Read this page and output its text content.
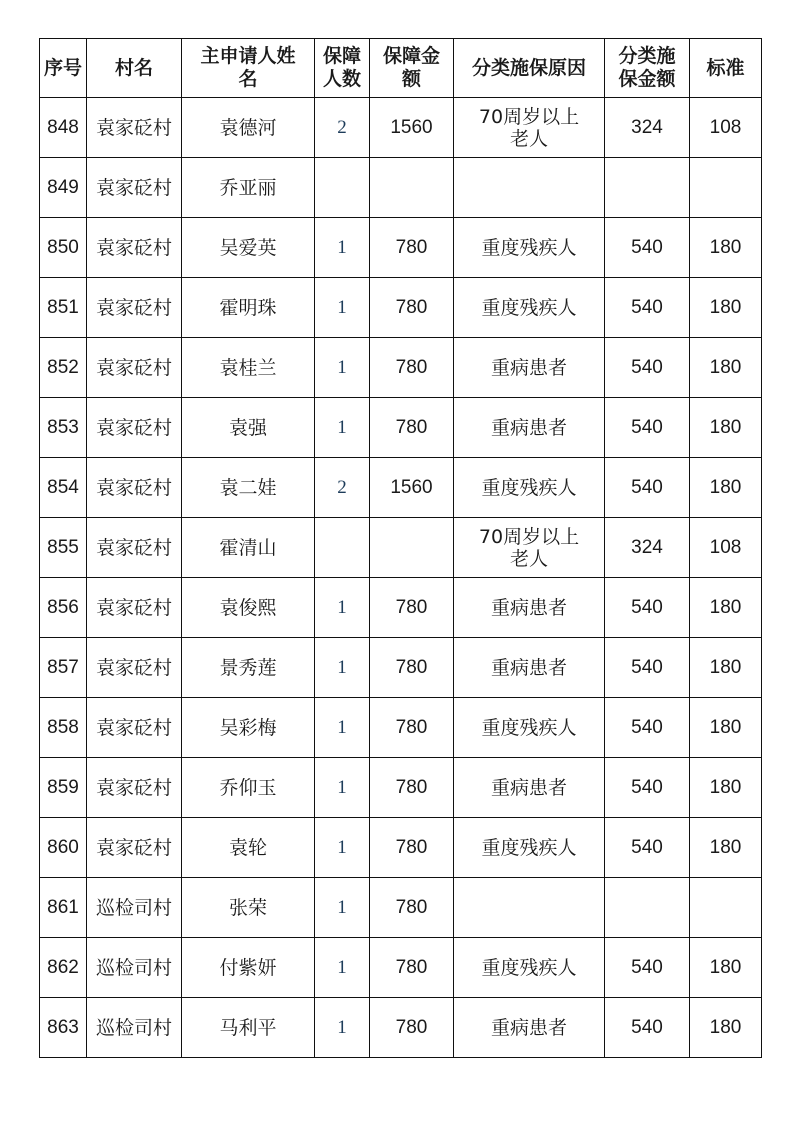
序号	村名	主申请人姓名	保障人数	保障金额	分类施保原因	分类施保金额	标准
848	袁家砭村	袁德河	2	1560	70周岁以上老人	324	108
849	袁家砭村	乔亚丽					
850	袁家砭村	吴爱英	1	780	重度残疾人	540	180
851	袁家砭村	霍明珠	1	780	重度残疾人	540	180
852	袁家砭村	袁桂兰	1	780	重病患者	540	180
853	袁家砭村	袁强	1	780	重病患者	540	180
854	袁家砭村	袁二娃	2	1560	重度残疾人	540	180
855	袁家砭村	霍清山			70周岁以上老人	324	108
856	袁家砭村	袁俊熙	1	780	重病患者	540	180
857	袁家砭村	景秀莲	1	780	重病患者	540	180
858	袁家砭村	吴彩梅	1	780	重度残疾人	540	180
859	袁家砭村	乔仰玉	1	780	重病患者	540	180
860	袁家砭村	袁轮	1	780	重度残疾人	540	180
861	巡检司村	张荣	1	780			
862	巡检司村	付紫妍	1	780	重度残疾人	540	180
863	巡检司村	马利平	1	780	重病患者	540	180
